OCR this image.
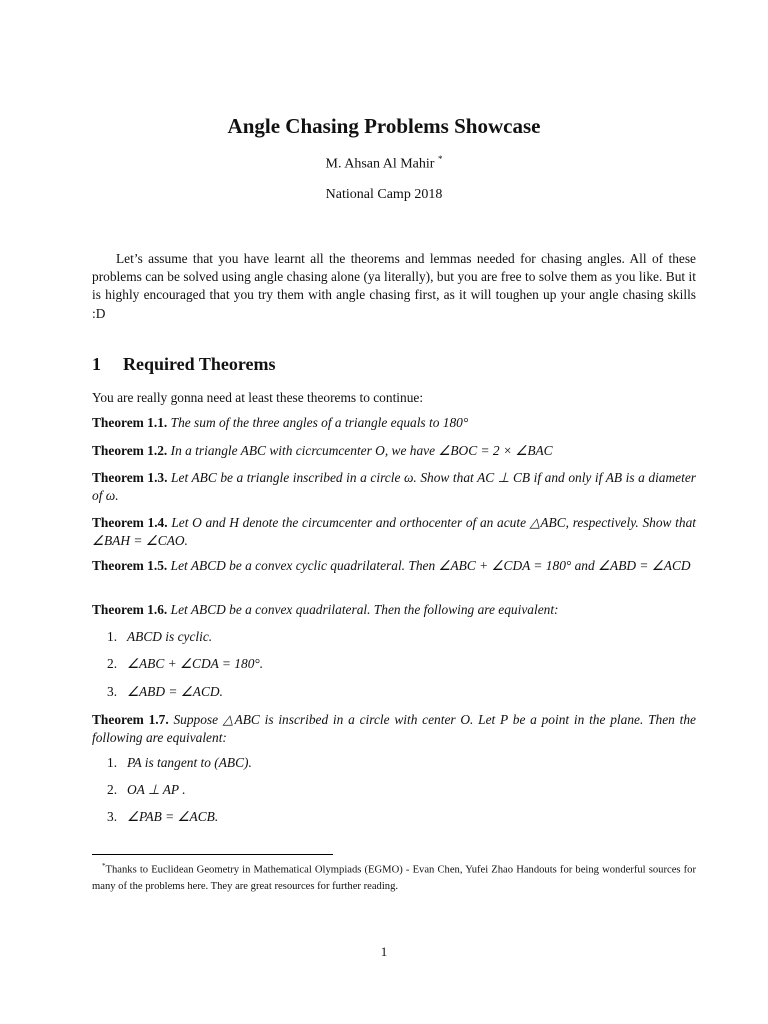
Angle Chasing Problems Showcase
M. Ahsan Al Mahir *
National Camp 2018
Let’s assume that you have learnt all the theorems and lemmas needed for chasing angles. All of these problems can be solved using angle chasing alone (ya literally), but you are free to solve them as you like. But it is highly encouraged that you try them with angle chasing first, as it will toughen up your angle chasing skills :D
1 Required Theorems
You are really gonna need at least these theorems to continue:
Theorem 1.1. The sum of the three angles of a triangle equals to 180°
Theorem 1.2. In a triangle ABC with cicrcumcenter O, we have ∠BOC = 2 × ∠BAC
Theorem 1.3. Let ABC be a triangle inscribed in a circle ω. Show that AC ⊥ CB if and only if AB is a diameter of ω.
Theorem 1.4. Let O and H denote the circumcenter and orthocenter of an acute △ABC, respectively. Show that ∠BAH = ∠CAO.
Theorem 1.5. Let ABCD be a convex cyclic quadrilateral. Then ∠ABC + ∠CDA = 180° and ∠ABD = ∠ACD
Theorem 1.6. Let ABCD be a convex quadrilateral. Then the following are equivalent:
1. ABCD is cyclic.
2. ∠ABC + ∠CDA = 180°.
3. ∠ABD = ∠ACD.
Theorem 1.7. Suppose △ABC is inscribed in a circle with center O. Let P be a point in the plane. Then the following are equivalent:
1. PA is tangent to (ABC).
2. OA ⊥ AP .
3. ∠PAB = ∠ACB.
*Thanks to Euclidean Geometry in Mathematical Olympiads (EGMO) - Evan Chen, Yufei Zhao Handouts for being wonderful sources for many of the problems here. They are great resources for further reading.
1
